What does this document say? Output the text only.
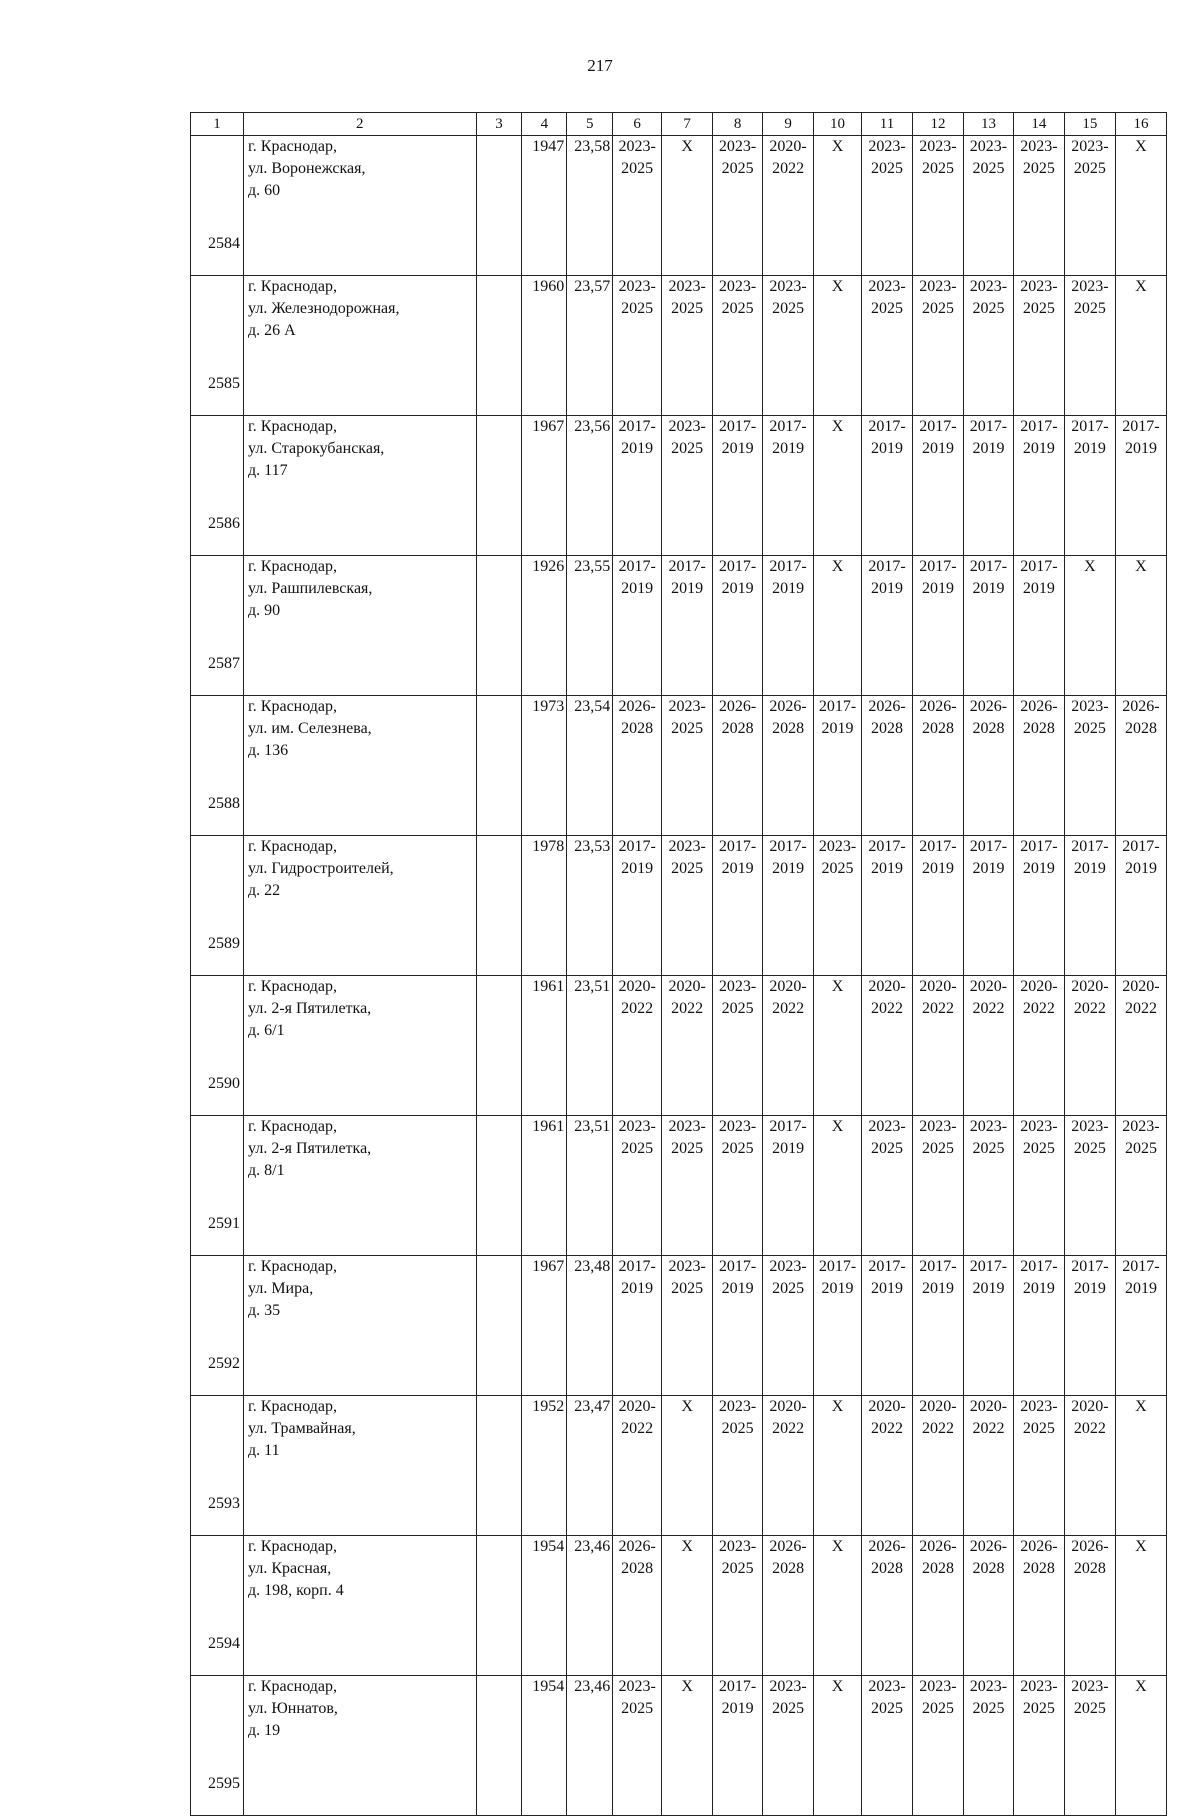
217
1	2	3	4	5	6	7	8	9	10	11	12	13	14	15	16
2584	г. Краснодар,
ул. Воронежская,
д. 60		1947	23,58	2023-
2025	X	2023-
2025	2020-
2022	X	2023-
2025	2023-
2025	2023-
2025	2023-
2025	2023-
2025	X

2585	г. Краснодар,
ул. Железнодорожная,
д. 26 А		1960	23,57	2023-
2025	2023-
2025	2023-
2025	2023-
2025	X	2023-
2025	2023-
2025	2023-
2025	2023-
2025	2023-
2025	X

2586	г. Краснодар,
ул. Старокубанская,
д. 117		1967	23,56	2017-
2019	2023-
2025	2017-
2019	2017-
2019	X	2017-
2019	2017-
2019	2017-
2019	2017-
2019	2017-
2019	2017-
2019

2587	г. Краснодар,
ул. Рашпилевская,
д. 90		1926	23,55	2017-
2019	2017-
2019	2017-
2019	2017-
2019	X	2017-
2019	2017-
2019	2017-
2019	2017-
2019	X	X

2588	г. Краснодар,
ул. им. Селезнева,
д. 136		1973	23,54	2026-
2028	2023-
2025	2026-
2028	2026-
2028	2017-
2019	2026-
2028	2026-
2028	2026-
2028	2026-
2028	2023-
2025	2026-
2028

2589	г. Краснодар,
ул. Гидростроителей,
д. 22		1978	23,53	2017-
2019	2023-
2025	2017-
2019	2017-
2019	2023-
2025	2017-
2019	2017-
2019	2017-
2019	2017-
2019	2017-
2019	2017-
2019

2590	г. Краснодар,
ул. 2-я Пятилетка,
д. 6/1		1961	23,51	2020-
2022	2020-
2022	2023-
2025	2020-
2022	X	2020-
2022	2020-
2022	2020-
2022	2020-
2022	2020-
2022	2020-
2022

2591	г. Краснодар,
ул. 2-я Пятилетка,
д. 8/1		1961	23,51	2023-
2025	2023-
2025	2023-
2025	2017-
2019	X	2023-
2025	2023-
2025	2023-
2025	2023-
2025	2023-
2025	2023-
2025

2592	г. Краснодар,
ул. Мира,
д. 35		1967	23,48	2017-
2019	2023-
2025	2017-
2019	2023-
2025	2017-
2019	2017-
2019	2017-
2019	2017-
2019	2017-
2019	2017-
2019	2017-
2019

2593	г. Краснодар,
ул. Трамвайная,
д. 11		1952	23,47	2020-
2022	X	2023-
2025	2020-
2022	X	2020-
2022	2020-
2022	2020-
2022	2023-
2025	2020-
2022	X

2594	г. Краснодар,
ул. Красная,
д. 198, корп. 4		1954	23,46	2026-
2028	X	2023-
2025	2026-
2028	X	2026-
2028	2026-
2028	2026-
2028	2026-
2028	2026-
2028	X

2595	г. Краснодар,
ул. Юннатов,
д. 19		1954	23,46	2023-
2025	X	2017-
2019	2023-
2025	X	2023-
2025	2023-
2025	2023-
2025	2023-
2025	2023-
2025	X
